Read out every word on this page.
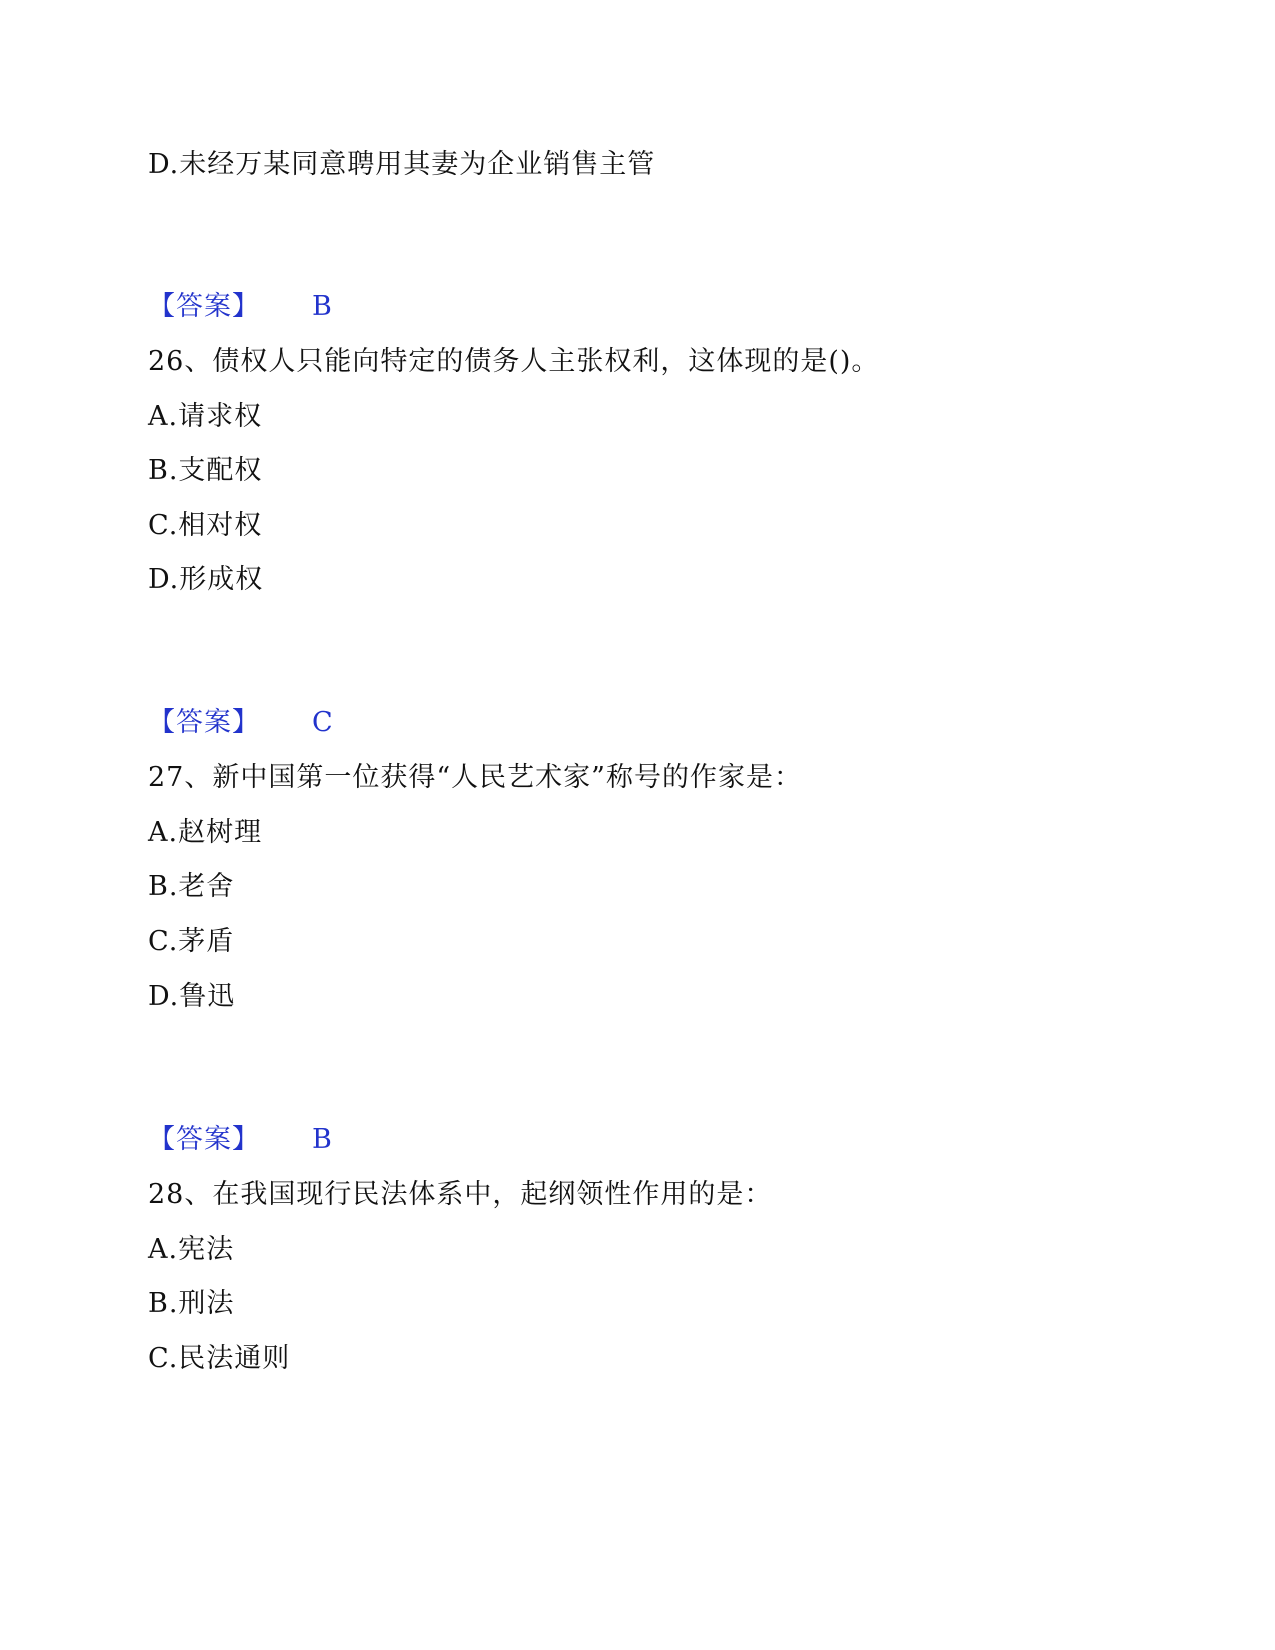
D.未经万某同意聘用其妻为企业销售主管
【答案】 B
26、债权人只能向特定的债务人主张权利，这体现的是()。
A.请求权
B.支配权
C.相对权
D.形成权
【答案】 C
27、新中国第一位获得“人民艺术家”称号的作家是：
A.赵树理
B.老舍
C.茅盾
D.鲁迅
【答案】 B
28、在我国现行民法体系中，起纲领性作用的是：
A.宪法
B.刑法
C.民法通则
